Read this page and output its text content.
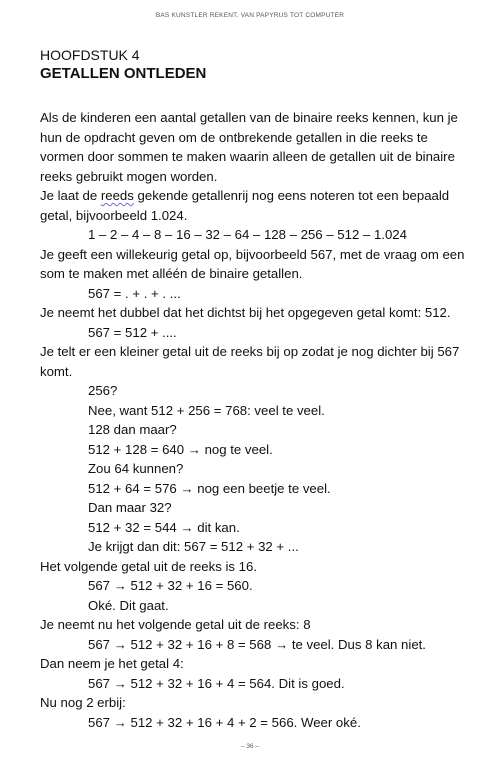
BAS KUNSTLER REKENT. VAN PAPYRUS TOT COMPUTER
HOOFDSTUK 4
GETALLEN ONTLEDEN

Als de kinderen een aantal getallen van de binaire reeks kennen, kun je hun de opdracht geven om de ontbrekende getallen in die reeks te vormen door sommen te maken waarin alleen de getallen uit de binaire reeks gebruikt mogen worden.

Je laat de reeds gekende getallenrij nog eens noteren tot een bepaald getal, bijvoorbeeld 1.024.

1 – 2 – 4 – 8 – 16 – 32 – 64 – 128 – 256 – 512 – 1.024

Je geeft een willekeurig getal op, bijvoorbeeld 567, met de vraag om een som te maken met alléén de binaire getallen.

567 = . + . + . ...

Je neemt het dubbel dat het dichtst bij het opgegeven getal komt: 512.

567 = 512 + ....

Je telt er een kleiner getal uit de reeks bij op zodat je nog dichter bij 567 komt.

256?

Nee, want 512 + 256 = 768: veel te veel.

128 dan maar?

512 + 128 = 640 → nog te veel.

Zou 64 kunnen?

512 + 64 = 576 → nog een beetje te veel.

Dan maar 32?

512 + 32 = 544 → dit kan.

Je krijgt dan dit: 567 = 512 + 32 + ...

Het volgende getal uit de reeks is 16.

567 → 512 + 32 + 16 = 560.

Oké. Dit gaat.

Je neemt nu het volgende getal uit de reeks: 8

567 → 512 + 32 + 16 + 8 = 568 → te veel. Dus 8 kan niet.

Dan neem je het getal 4:

567 → 512 + 32 + 16 + 4 = 564. Dit is goed.

Nu nog 2 erbij:

567 → 512 + 32 + 16 + 4 + 2 = 566. Weer oké.

– 36 –
